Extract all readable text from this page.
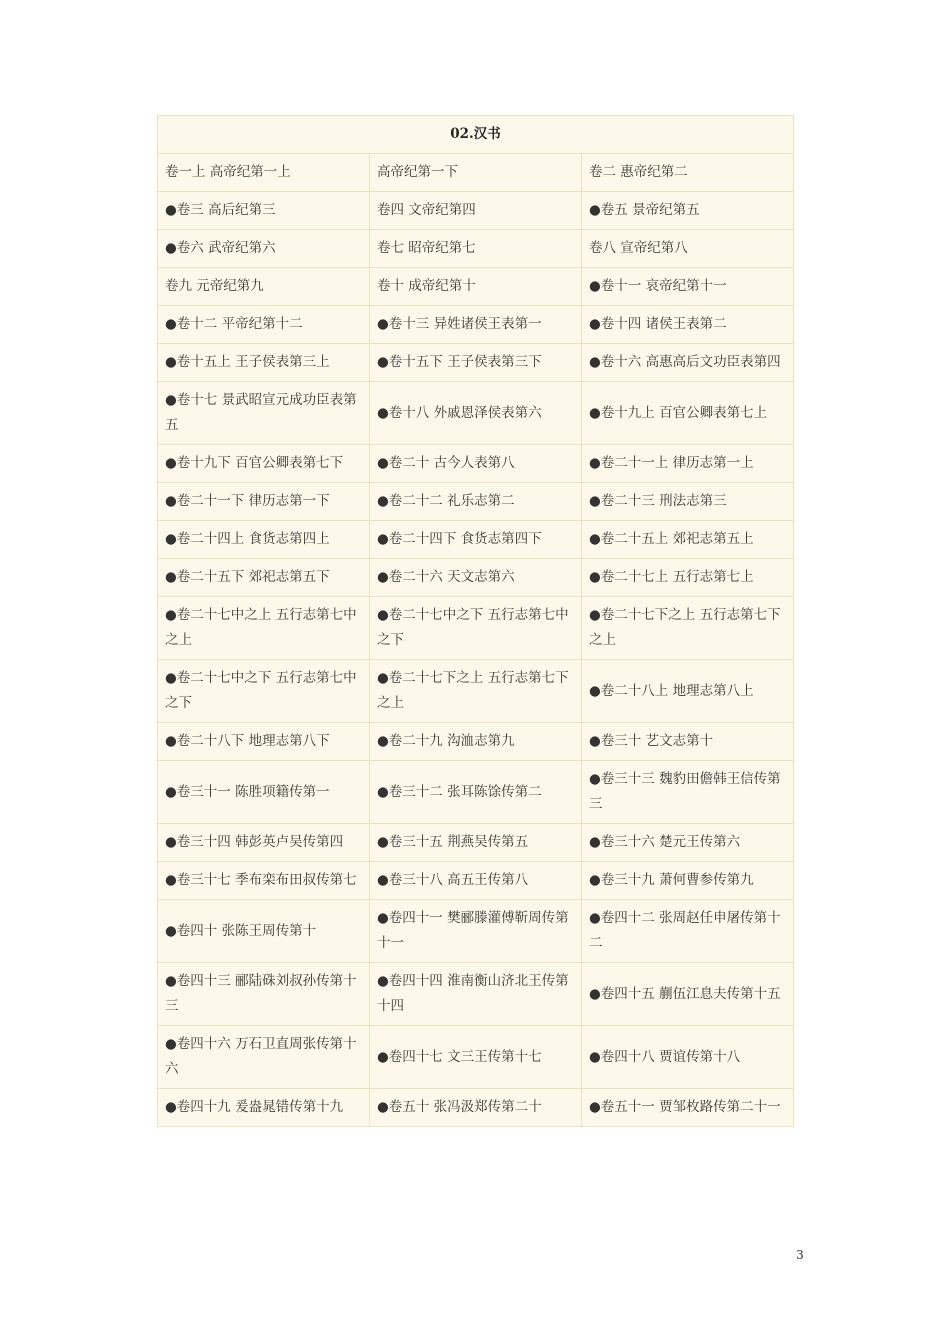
02.汉书		
卷一上 高帝纪第一上	高帝纪第一下	卷二 惠帝纪第二
●卷三 高后纪第三	卷四 文帝纪第四	●卷五 景帝纪第五
●卷六 武帝纪第六	卷七 昭帝纪第七	卷八 宣帝纪第八
卷九 元帝纪第九	卷十 成帝纪第十	●卷十一 哀帝纪第十一
●卷十二 平帝纪第十二	●卷十三 异姓诸侯王表第一	●卷十四 诸侯王表第二
●卷十五上 王子侯表第三上	●卷十五下 王子侯表第三下	●卷十六 高惠高后文功臣表第四
●卷十七 景武昭宣元成功臣表第五	●卷十八 外戚恩泽侯表第六	●卷十九上 百官公卿表第七上
●卷十九下 百官公卿表第七下	●卷二十 古今人表第八	●卷二十一上 律历志第一上
●卷二十一下 律历志第一下	●卷二十二 礼乐志第二	●卷二十三 刑法志第三
●卷二十四上 食货志第四上	●卷二十四下 食货志第四下	●卷二十五上 郊祀志第五上
●卷二十五下 郊祀志第五下	●卷二十六 天文志第六	●卷二十七上 五行志第七上
●卷二十七中之上 五行志第七中之上	●卷二十七中之下 五行志第七中之下	●卷二十七下之上 五行志第七下之上
●卷二十七中之下 五行志第七中之下	●卷二十七下之上 五行志第七下之上	●卷二十八上 地理志第八上
●卷二十八下 地理志第八下	●卷二十九 沟洫志第九	●卷三十 艺文志第十
●卷三十一 陈胜项籍传第一	●卷三十二 张耳陈馀传第二	●卷三十三 魏豹田儋韩王信传第三
●卷三十四 韩彭英卢吴传第四	●卷三十五 荆燕吴传第五	●卷三十六 楚元王传第六
●卷三十七 季布栾布田叔传第七	●卷三十八 高五王传第八	●卷三十九 萧何曹参传第九
●卷四十 张陈王周传第十	●卷四十一 樊郦滕灌傅靳周传第十一	●卷四十二 张周赵任申屠传第十二
●卷四十三 郦陆硃刘叔孙传第十三	●卷四十四 淮南衡山济北王传第十四	●卷四十五 蒯伍江息夫传第十五
●卷四十六 万石卫直周张传第十六	●卷四十七 文三王传第十七	●卷四十八 贾谊传第十八
●卷四十九 爰盎晁错传第十九	●卷五十 张冯汲郑传第二十	●卷五十一 贾邹枚路传第二十一
3
